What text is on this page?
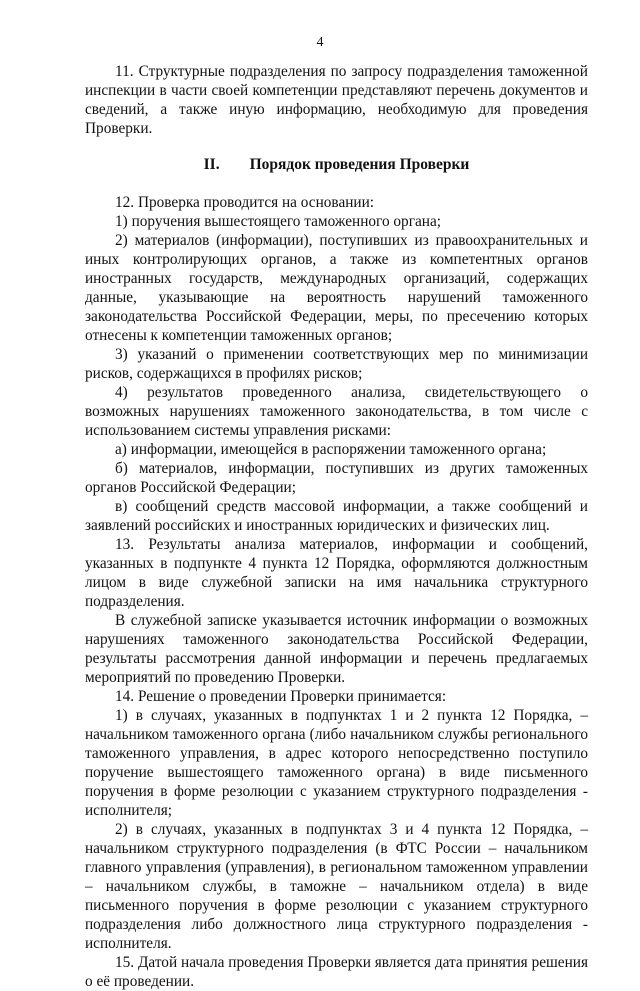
4

11. Структурные подразделения по запросу подразделения таможенной инспекции в части своей компетенции представляют перечень документов и сведений, а также иную информацию, необходимую для проведения Проверки.

II. Порядок проведения Проверки

12. Проверка проводится на основании:

1) поручения вышестоящего таможенного органа;

2) материалов (информации), поступивших из правоохранительных и иных контролирующих органов, а также из компетентных органов иностранных государств, международных организаций, содержащих данные, указывающие на вероятность нарушений таможенного законодательства Российской Федерации, меры, по пресечению которых отнесены к компетенции таможенных органов;

3) указаний о применении соответствующих мер по минимизации рисков, содержащихся в профилях рисков;

4) результатов проведенного анализа, свидетельствующего о возможных нарушениях таможенного законодательства, в том числе с использованием системы управления рисками:

а) информации, имеющейся в распоряжении таможенного органа;

б) материалов, информации, поступивших из других таможенных органов Российской Федерации;

в) сообщений средств массовой информации, а также сообщений и заявлений российских и иностранных юридических и физических лиц.

13. Результаты анализа материалов, информации и сообщений, указанных в подпункте 4 пункта 12 Порядка, оформляются должностным лицом в виде служебной записки на имя начальника структурного подразделения.

В служебной записке указывается источник информации о возможных нарушениях таможенного законодательства Российской Федерации, результаты рассмотрения данной информации и перечень предлагаемых мероприятий по проведению Проверки.

14. Решение о проведении Проверки принимается:

1) в случаях, указанных в подпунктах 1 и 2 пункта 12 Порядка, – начальником таможенного органа (либо начальником службы регионального таможенного управления, в адрес которого непосредственно поступило поручение вышестоящего таможенного органа) в виде письменного поручения в форме резолюции с указанием структурного подразделения - исполнителя;

2) в случаях, указанных в подпунктах 3 и 4 пункта 12 Порядка, – начальником структурного подразделения (в ФТС России – начальником главного управления (управления), в региональном таможенном управлении – начальником службы, в таможне – начальником отдела) в виде письменного поручения в форме резолюции с указанием структурного подразделения либо должностного лица структурного подразделения - исполнителя.

15. Датой начала проведения Проверки является дата принятия решения о её проведении.
